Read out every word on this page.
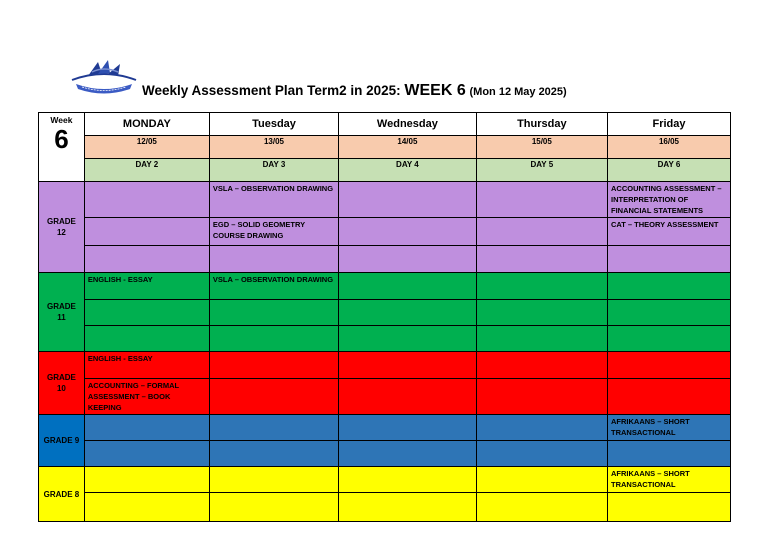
Weekly Assessment Plan Term2 in 2025: WEEK 6 (Mon 12 May 2025)
Week
6	MONDAY	Tuesday	Wednesday	Thursday	Friday
	12/05	13/05	14/05	15/05	16/05
	DAY 2	DAY 3	DAY 4	DAY 5	DAY 6
GRADE
12		VSLA – OBSERVATION DRAWING			ACCOUNTING ASSESSMENT – INTERPRETATION OF FINANCIAL STATEMENTS
		EGD – SOLID GEOMETRY COURSE DRAWING			CAT – THEORY ASSESSMENT

GRADE
11	ENGLISH - ESSAY	VSLA – OBSERVATION DRAWING			

GRADE
10	ENGLISH - ESSAY				
	ACCOUNTING – FORMAL ASSESSMENT – BOOK KEEPING				
GRADE 9					AFRIKAANS – SHORT TRANSACTIONAL

GRADE 8					AFRIKAANS – SHORT TRANSACTIONAL
